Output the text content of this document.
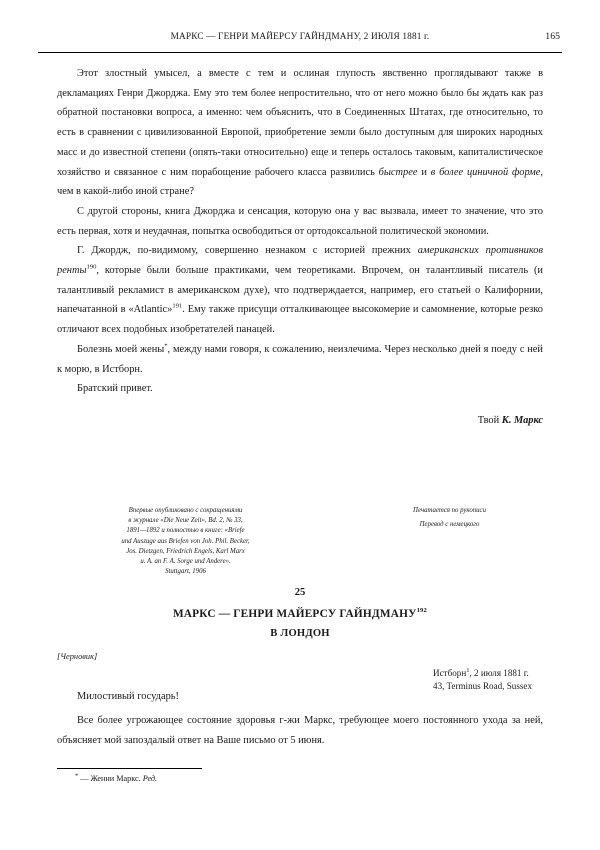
МАРКС — ГЕНРИ МАЙЕРСУ ГАЙНДМАНУ, 2 ИЮЛЯ 1881 г.	165

Этот злостный умысел, а вместе с тем и ослиная глупость явственно проглядывают также в декламациях Генри Джорджа. Ему это тем более непростительно, что от него можно было бы ждать как раз обратной постановки вопроса, а именно: чем объяснить, что в Соединенных Штатах, где относительно, то есть в сравнении с цивилизованной Европой, приобретение земли было доступным для широких народных масс и до известной степени (опять-таки относительно) еще и теперь осталось таковым, капиталистическое хозяйство и связанное с ним порабощение рабочего класса развились быстрее и в более циничной форме, чем в какой-либо иной стране?

С другой стороны, книга Джорджа и сенсация, которую она у вас вызвала, имеет то значение, что это есть первая, хотя и неудачная, попытка освободиться от ортодоксальной политической экономии.

Г. Джордж, по-видимому, совершенно незнаком с историей прежних американских противников ренты$^{190}$, которые были больше практиками, чем теоретиками. Впрочем, он талантливый писатель (и талантливый рекламист в американском духе), что подтверждается, например, его статьей о Калифорнии, напечатанной в «Atlantic»$^{191}$. Ему также присущи отталкивающее высокомерие и самомнение, которые резко отличают всех подобных изобретателей панацей.

Болезнь моей жены*, между нами говоря, к сожалению, неизлечима. Через несколько дней я поеду с ней к морю, в Истборн.

Братский привет.

Твой К. Маркс

Впервые опубликовано с сокращениями
в журнале «Die Neue Zeit», Bd. 2, № 33,
1891—1892 и полностью в книге: «Briefe
und Auszuge aus Briefen von Joh. Phil. Becker,
Jos. Dietzgen, Friedrich Engels, Karl Marx
u. A. an F. A. Sorge und Andere».
Stuttgart, 1906
Печатается по рукописи
Перевод с немецкого
25
МАРКС — ГЕНРИ МАЙЕРСУ ГАЙНДМАНУ$^{192}$
В ЛОНДОН
[Черновик]
Истборн$^1$, 2 июля 1881 г.
43, Terminus Road, Sussex
Милостивый государь!

Все более угрожающее состояние здоровья г-жи Маркс, требующее моего постоянного ухода за ней, объясняет мой запоздалый ответ на Ваше письмо от 5 июня.

* — Женни Маркс. Ред.
